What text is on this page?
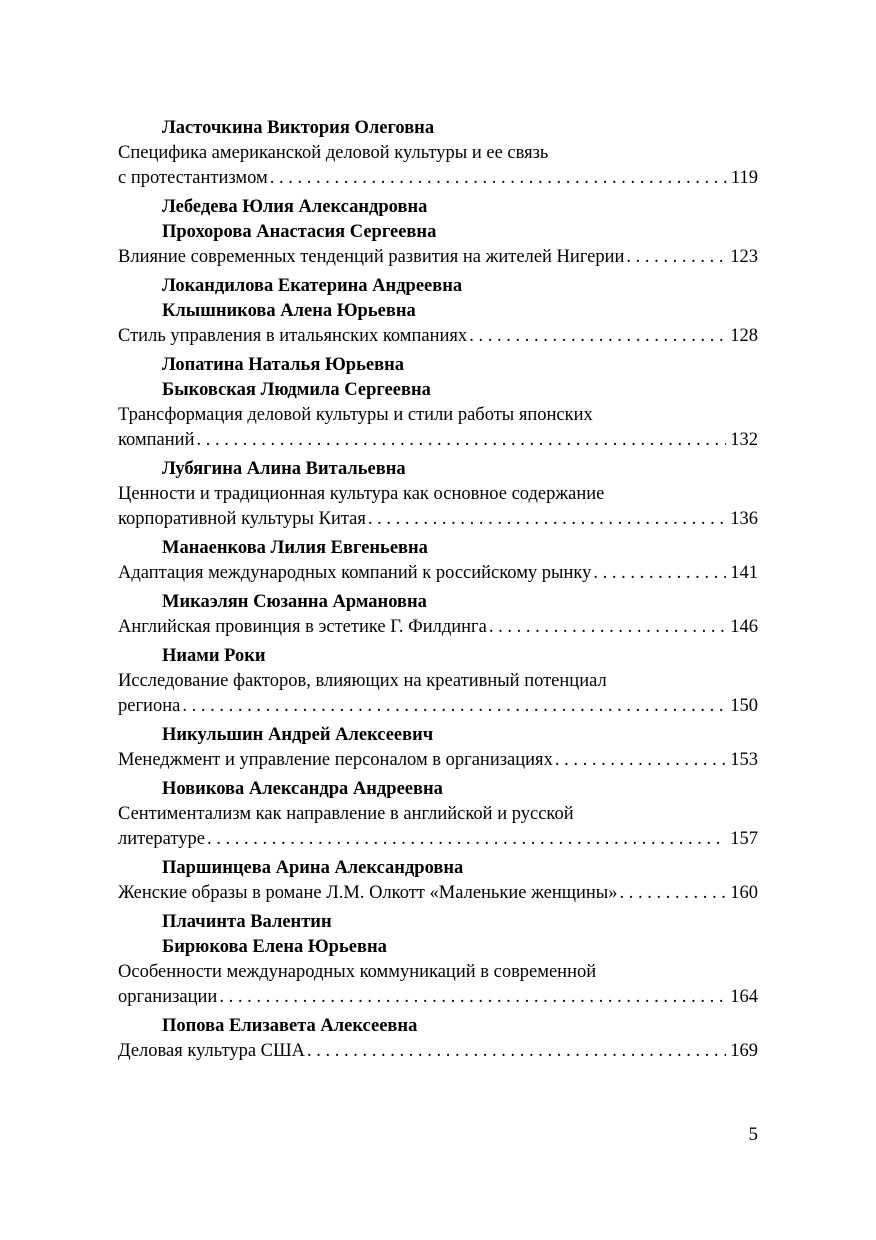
Ласточкина Виктория Олеговна
Специфика американской деловой культуры и ее связь
с протестантизмом . . .	119
Лебедева Юлия Александровна
Прохорова Анастасия Сергеевна
Влияние современных тенденций развития на жителей Нигерии . . .	123
Локандилова Екатерина Андреевна
Клышникова Алена Юрьевна
Стиль управления в итальянских компаниях . . .	128
Лопатина Наталья Юрьевна
Быковская Людмила Сергеевна
Трансформация деловой культуры и стили работы японских
компаний . . .	132
Лубягина Алина Витальевна
Ценности и традиционная культура как основное содержание
корпоративной культуры Китая . . .	136
Манаенкова Лилия Евгеньевна
Адаптация международных компаний к российскому рынку . . .	141
Микаэлян Сюзанна Армановна
Английская провинция в эстетике Г. Филдинга . . .	146
Ниами Роки
Исследование факторов, влияющих на креативный потенциал
региона . . .	150
Никульшин Андрей Алексеевич
Менеджмент и управление персоналом в организациях . . .	153
Новикова Александра Андреевна
Сентиментализм как направление в английской и русской
литературе . . .	157
Паршинцева Арина Александровна
Женские образы в романе Л.М. Олкотт «Маленькие женщины» . . .	160
Плачинта Валентин
Бирюкова Елена Юрьевна
Особенности международных коммуникаций в современной
организации . . .	164
Попова Елизавета Алексеевна
Деловая культура США . . .	169
5
